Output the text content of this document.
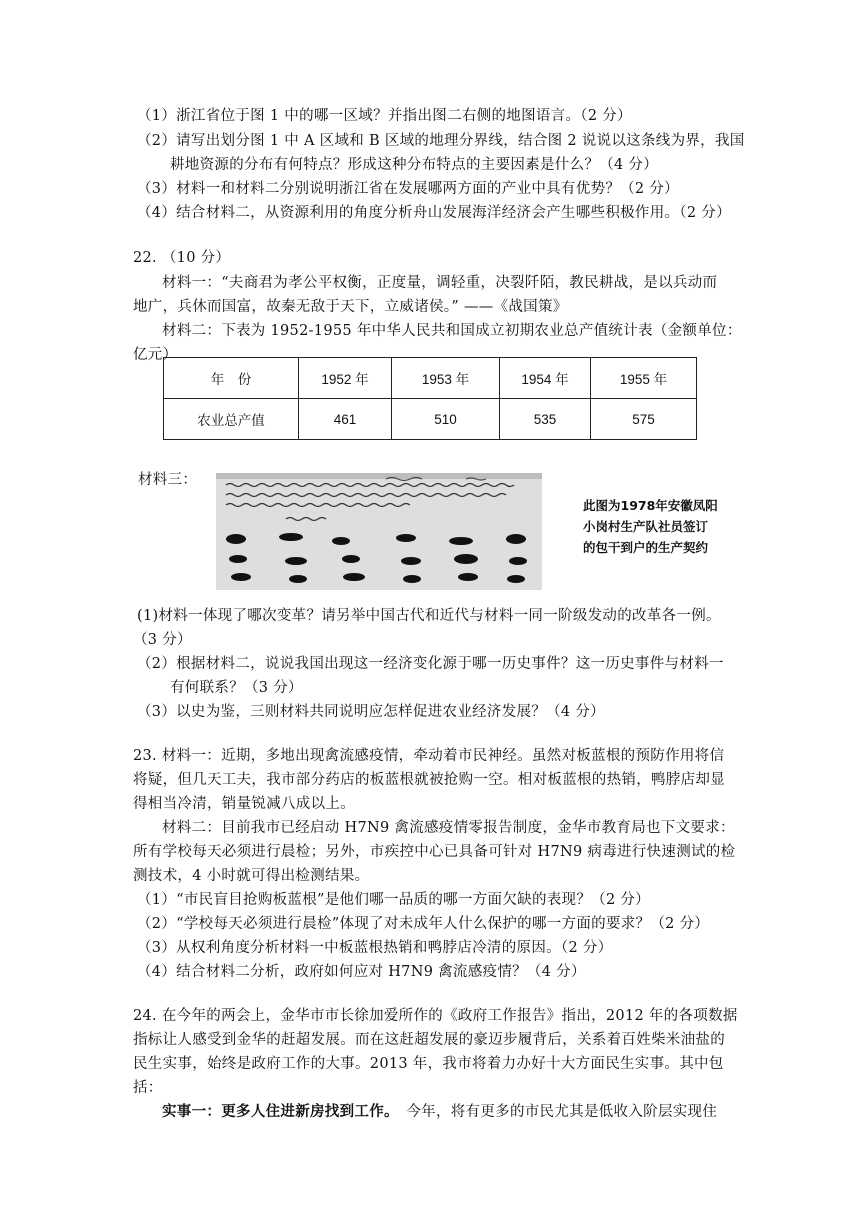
（1）浙江省位于图 1 中的哪一区域？并指出图二右侧的地图语言。（2 分）
（2）请写出划分图 1 中 A 区域和 B 区域的地理分界线，结合图 2 说说以这条线为界，我国
耕地资源的分布有何特点？形成这种分布特点的主要因素是什么？（4 分）
（3）材料一和材料二分别说明浙江省在发展哪两方面的产业中具有优势？（2 分）
（4）结合材料二，从资源利用的角度分析舟山发展海洋经济会产生哪些积极作用。（2 分）
22. （10 分）
材料一：“夫商君为孝公平权衡，正度量，调轻重，决裂阡陌，教民耕战，是以兵动而
地广，兵休而国富，故秦无敌于天下，立威诸侯。” ——《战国策》
材料二：下表为 1952-1955 年中华人民共和国成立初期农业总产值统计表（金额单位：
亿元）
年　份	1952 年	1953 年	1954 年	1955 年
农业总产值	461	510	535	575
材料三：
此图为1978年安徽凤阳
小岗村生产队社员签订
的包干到户的生产契约
(1)材料一体现了哪次变革？请另举中国古代和近代与材料一同一阶级发动的改革各一例。
（3 分）
（2）根据材料二，说说我国出现这一经济变化源于哪一历史事件？这一历史事件与材料一
有何联系？（3 分）
（3）以史为鉴，三则材料共同说明应怎样促进农业经济发展？（4 分）
23. 材料一：近期，多地出现禽流感疫情，牵动着市民神经。虽然对板蓝根的预防作用将信
将疑，但几天工夫，我市部分药店的板蓝根就被抢购一空。相对板蓝根的热销，鸭脖店却显
得相当冷清，销量锐减八成以上。
材料二：目前我市已经启动 H7N9 禽流感疫情零报告制度，金华市教育局也下文要求：
所有学校每天必须进行晨检；另外，市疾控中心已具备可针对 H7N9 病毒进行快速测试的检
测技术，4 小时就可得出检测结果。
（1）“市民盲目抢购板蓝根”是他们哪一品质的哪一方面欠缺的表现？（2 分）
（2）“学校每天必须进行晨检”体现了对未成年人什么保护的哪一方面的要求？（2 分）
（3）从权利角度分析材料一中板蓝根热销和鸭脖店冷清的原因。（2 分）
（4）结合材料二分析，政府如何应对 H7N9 禽流感疫情？（4 分）
24. 在今年的两会上，金华市市长徐加爱所作的《政府工作报告》指出，2012 年的各项数据
指标让人感受到金华的赶超发展。而在这赶超发展的豪迈步履背后，关系着百姓柴米油盐的
民生实事，始终是政府工作的大事。2013 年，我市将着力办好十大方面民生实事。其中包
括：
实事一：更多人住进新房找到工作。　今年，将有更多的市民尤其是低收入阶层实现住
